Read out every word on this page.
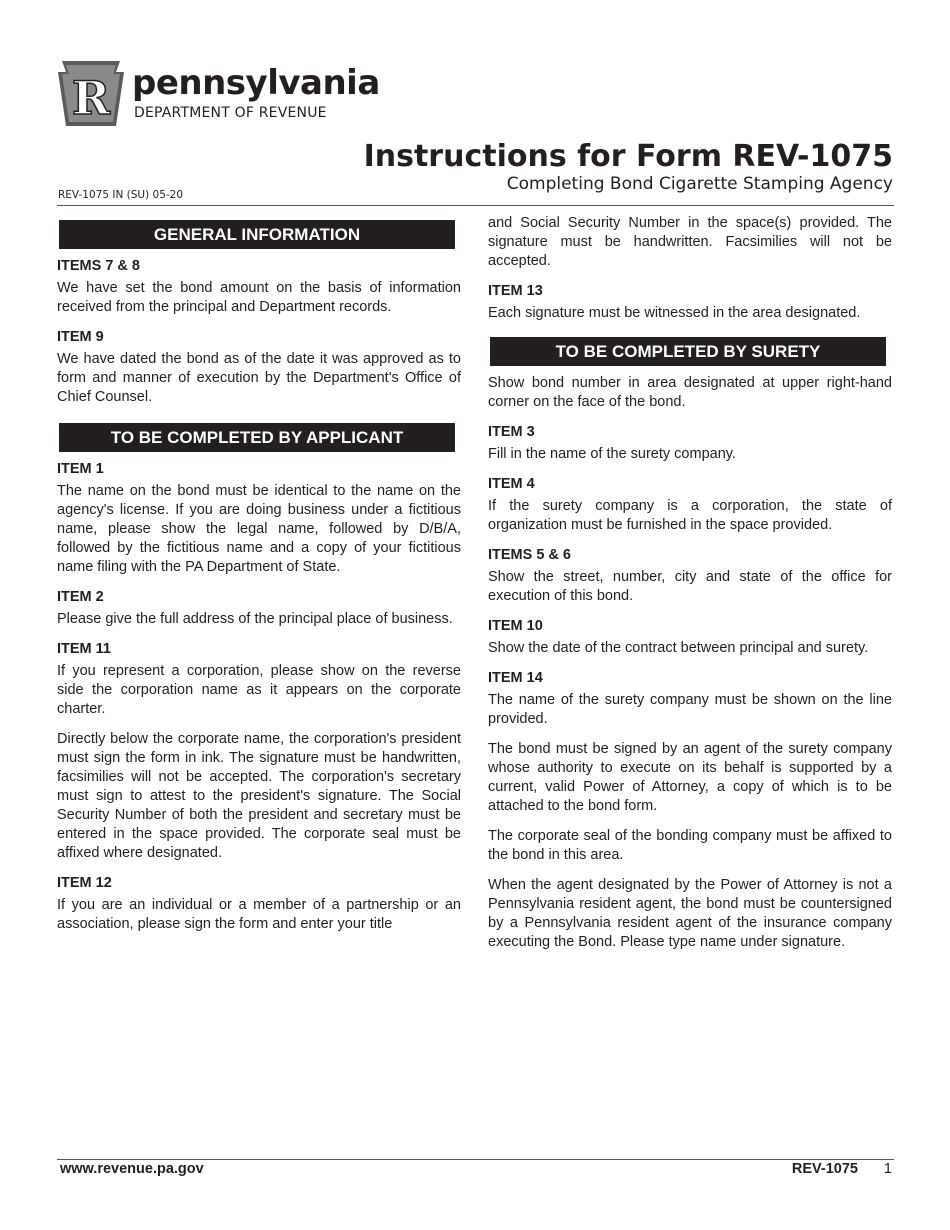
R pennsylvania
DEPARTMENT OF REVENUE
Instructions for Form REV-1075
Completing Bond Cigarette Stamping Agency
REV-1075 IN (SU) 05-20
GENERAL INFORMATION
ITEMS 7 & 8
We have set the bond amount on the basis of information received from the principal and Department records.
ITEM 9
We have dated the bond as of the date it was approved as to form and manner of execution by the Department's Office of Chief Counsel.
TO BE COMPLETED BY APPLICANT
ITEM 1
The name on the bond must be identical to the name on the agency's license. If you are doing business under a fictitious name, please show the legal name, followed by D/B/A, followed by the fictitious name and a copy of your fictitious name filing with the PA Department of State.
ITEM 2
Please give the full address of the principal place of business.
ITEM 11
If you represent a corporation, please show on the reverse side the corporation name as it appears on the corporate charter.
Directly below the corporate name, the corporation's president must sign the form in ink. The signature must be handwritten, facsimilies will not be accepted. The corporation's secretary must sign to attest to the president's signature. The Social Security Number of both the president and secretary must be entered in the space provided. The corporate seal must be affixed where designated.
ITEM 12
If you are an individual or a member of a partnership or an association, please sign the form and enter your title
and Social Security Number in the space(s) provided. The signature must be handwritten. Facsimilies will not be accepted.
ITEM 13
Each signature must be witnessed in the area designated.
TO BE COMPLETED BY SURETY
Show bond number in area designated at upper right-hand corner on the face of the bond.
ITEM 3
Fill in the name of the surety company.
ITEM 4
If the surety company is a corporation, the state of organization must be furnished in the space provided.
ITEMS 5 & 6
Show the street, number, city and state of the office for execution of this bond.
ITEM 10
Show the date of the contract between principal and surety.
ITEM 14
The name of the surety company must be shown on the line provided.
The bond must be signed by an agent of the surety company whose authority to execute on its behalf is supported by a current, valid Power of Attorney, a copy of which is to be attached to the bond form.
The corporate seal of the bonding company must be affixed to the bond in this area.
When the agent designated by the Power of Attorney is not a Pennsylvania resident agent, the bond must be countersigned by a Pennsylvania resident agent of the insurance company executing the Bond. Please type name under signature.
www.revenue.pa.gov	REV-1075 1
